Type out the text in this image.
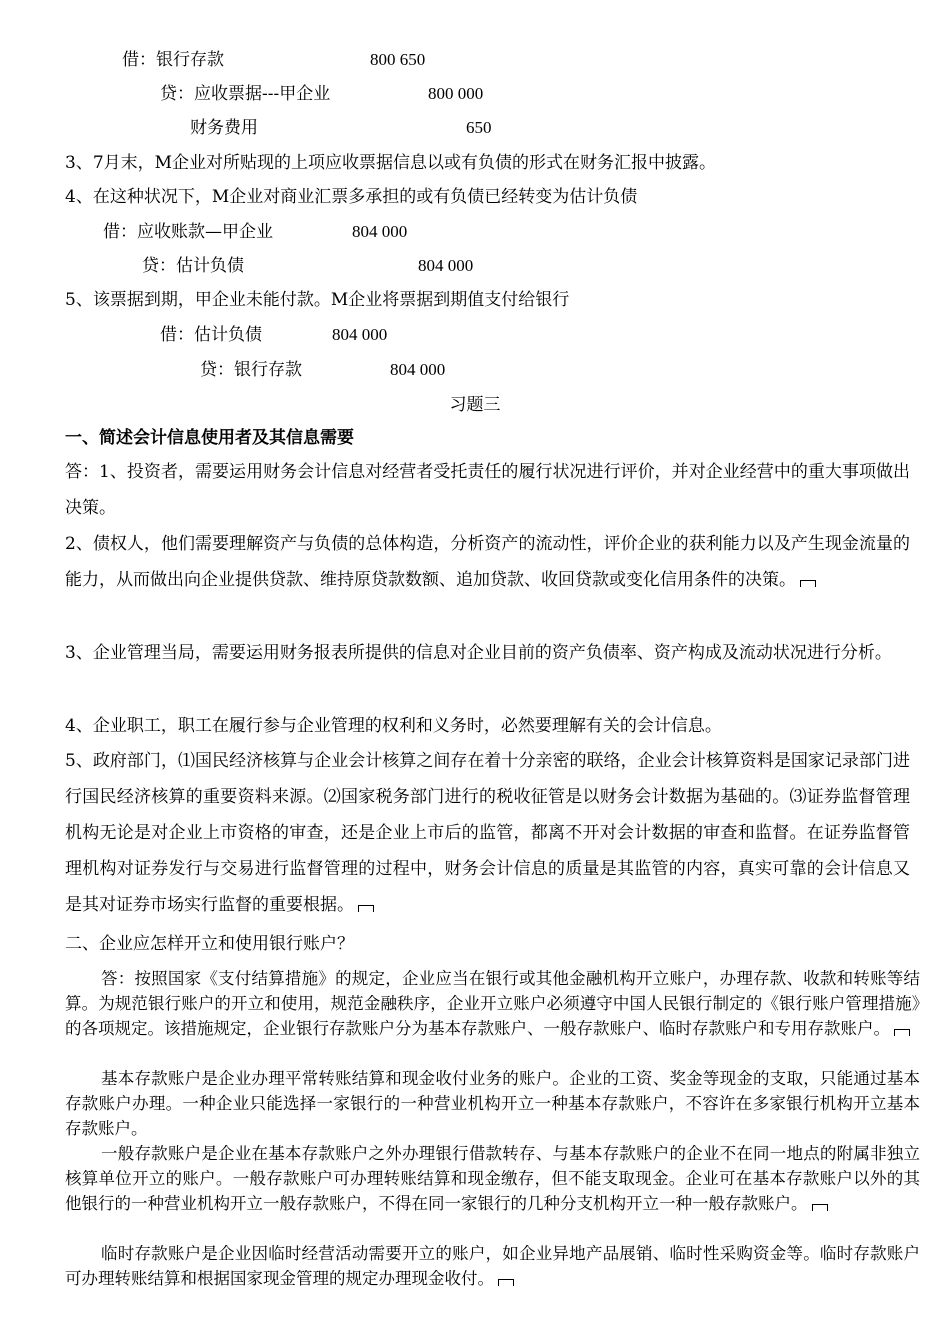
借：银行存款	800 650
贷：应收票据---甲企业	800 000
财务费用	650
3、7月末，M企业对所贴现的上项应收票据信息以或有负债的形式在财务汇报中披露。
4、在这种状况下，M企业对商业汇票多承担的或有负债已经转变为估计负债
借：应收账款—甲企业	804 000
贷：估计负债	804 000
5、该票据到期，甲企业未能付款。M企业将票据到期值支付给银行
借：估计负债	804 000
贷：银行存款	804 000
习题三
一、简述会计信息使用者及其信息需要
答：1、投资者，需要运用财务会计信息对经营者受托责任的履行状况进行评价，并对企业经营中的重大事项做出决策。
2、债权人，他们需要理解资产与负债的总体构造，分析资产的流动性，评价企业的获利能力以及产生现金流量的能力，从而做出向企业提供贷款、维持原贷款数额、追加贷款、收回贷款或变化信用条件的决策。
3、企业管理当局，需要运用财务报表所提供的信息对企业目前的资产负债率、资产构成及流动状况进行分析。
4、企业职工，职工在履行参与企业管理的权利和义务时，必然要理解有关的会计信息。
5、政府部门，⑴国民经济核算与企业会计核算之间存在着十分亲密的联络，企业会计核算资料是国家记录部门进行国民经济核算的重要资料来源。⑵国家税务部门进行的税收征管是以财务会计数据为基础的。⑶证券监督管理机构无论是对企业上市资格的审查，还是企业上市后的监管，都离不开对会计数据的审查和监督。在证券监督管理机构对证券发行与交易进行监督管理的过程中，财务会计信息的质量是其监管的内容，真实可靠的会计信息又是其对证券市场实行监督的重要根据。
二、企业应怎样开立和使用银行账户？
答：按照国家《支付结算措施》的规定，企业应当在银行或其他金融机构开立账户，办理存款、收款和转账等结算。为规范银行账户的开立和使用，规范金融秩序，企业开立账户必须遵守中国人民银行制定的《银行账户管理措施》的各项规定。该措施规定，企业银行存款账户分为基本存款账户、一般存款账户、临时存款账户和专用存款账户。
基本存款账户是企业办理平常转账结算和现金收付业务的账户。企业的工资、奖金等现金的支取，只能通过基本存款账户办理。一种企业只能选择一家银行的一种营业机构开立一种基本存款账户，不容许在多家银行机构开立基本存款账户。
一般存款账户是企业在基本存款账户之外办理银行借款转存、与基本存款账户的企业不在同一地点的附属非独立核算单位开立的账户。一般存款账户可办理转账结算和现金缴存，但不能支取现金。企业可在基本存款账户以外的其他银行的一种营业机构开立一般存款账户，不得在同一家银行的几种分支机构开立一种一般存款账户。
临时存款账户是企业因临时经营活动需要开立的账户，如企业异地产品展销、临时性采购资金等。临时存款账户可办理转账结算和根据国家现金管理的规定办理现金收付。
